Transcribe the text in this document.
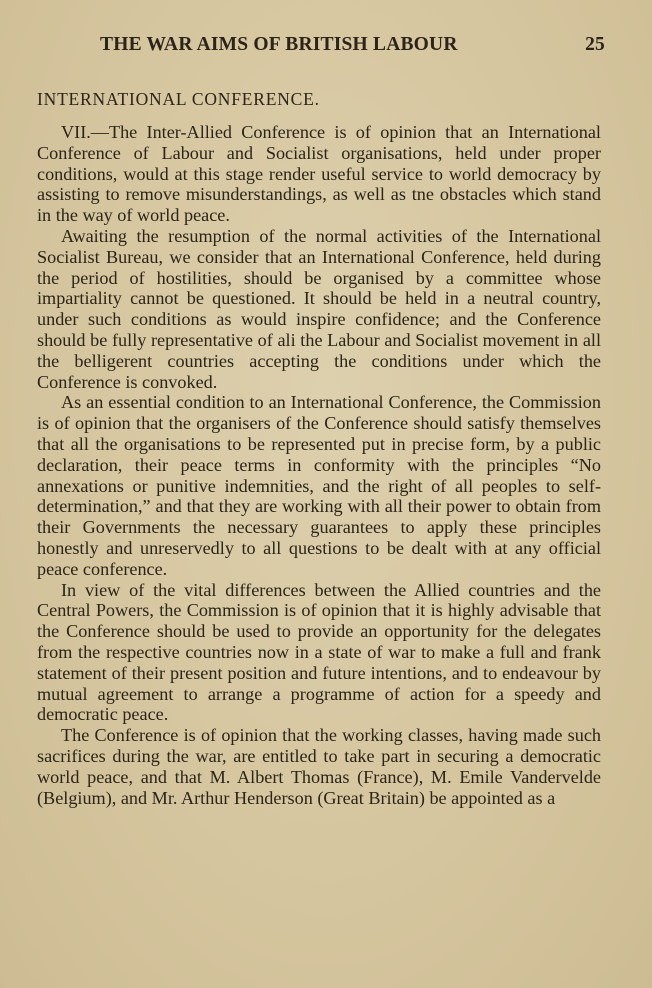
THE WAR AIMS OF BRITISH LABOUR	25
INTERNATIONAL CONFERENCE.

VII.—The Inter-Allied Conference is of opinion that an International Conference of Labour and Socialist organisations, held under proper conditions, would at this stage render useful service to world democracy by assisting to remove misunderstandings, as well as tne obstacles which stand in the way of world peace.

Awaiting the resumption of the normal activities of the International Socialist Bureau, we consider that an International Conference, held during the period of hostilities, should be organised by a committee whose impartiality cannot be questioned. It should be held in a neutral country, under such conditions as would inspire confidence; and the Conference should be fully representative of ali the Labour and Socialist movement in all the belligerent countries accepting the conditions under which the Conference is convoked.

As an essential condition to an International Conference, the Commission is of opinion that the organisers of the Conference should satisfy themselves that all the organisations to be represented put in precise form, by a public declaration, their peace terms in conformity with the principles “No annexations or punitive indemnities, and the right of all peoples to self-determination,” and that they are working with all their power to obtain from their Governments the necessary guarantees to apply these principles honestly and unreservedly to all questions to be dealt with at any official peace conference.

In view of the vital differences between the Allied countries and the Central Powers, the Commission is of opinion that it is highly advisable that the Conference should be used to provide an opportunity for the delegates from the respective countries now in a state of war to make a full and frank statement of their present position and future intentions, and to endeavour by mutual agreement to arrange a programme of action for a speedy and democratic peace.

The Conference is of opinion that the working classes, having made such sacrifices during the war, are entitled to take part in securing a democratic world peace, and that M. Albert Thomas (France), M. Emile Vandervelde (Belgium), and Mr. Arthur Henderson (Great Britain) be appointed as a
